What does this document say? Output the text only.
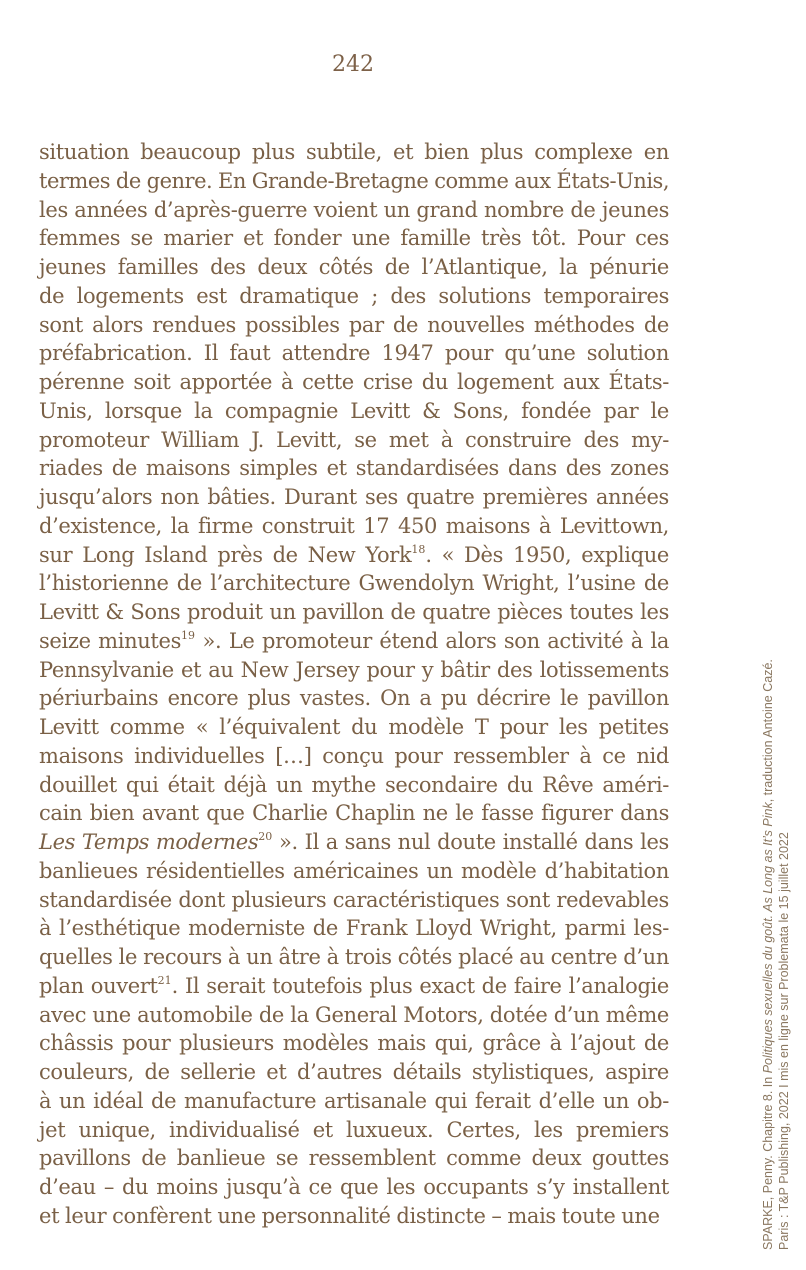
242
situation beaucoup plus subtile, et bien plus complexe en
termes de genre. En Grande-Bretagne comme aux États-Unis,
les années d’après-guerre voient un grand nombre de jeunes
femmes se marier et fonder une famille très tôt. Pour ces
jeunes familles des deux côtés de l’Atlantique, la pénurie
de logements est dramatique ; des solutions temporaires
sont alors rendues possibles par de nouvelles méthodes de
préfabrication. Il faut attendre 1947 pour qu’une solution
pérenne soit apportée à cette crise du logement aux États-
Unis, lorsque la compagnie Levitt & Sons, fondée par le
promoteur William J. Levitt, se met à construire des my-
riades de maisons simples et standardisées dans des zones
jusqu’alors non bâties. Durant ses quatre premières années
d’existence, la firme construit 17 450 maisons à Levittown,
sur Long Island près de New York$^{18}$. « Dès 1950, explique
l’historienne de l’architecture Gwendolyn Wright, l’usine de
Levitt & Sons produit un pavillon de quatre pièces toutes les
seize minutes$^{19}$ ». Le promoteur étend alors son activité à la
Pennsylvanie et au New Jersey pour y bâtir des lotissements
périurbains encore plus vastes. On a pu décrire le pavillon
Levitt comme « l’équivalent du modèle T pour les petites
maisons individuelles […] conçu pour ressembler à ce nid
douillet qui était déjà un mythe secondaire du Rêve améri-
cain bien avant que Charlie Chaplin ne le fasse figurer dans
Les Temps modernes$^{20}$ ». Il a sans nul doute installé dans les
banlieues résidentielles américaines un modèle d’habitation
standardisée dont plusieurs caractéristiques sont redevables
à l’esthétique moderniste de Frank Lloyd Wright, parmi les-
quelles le recours à un âtre à trois côtés placé au centre d’un
plan ouvert$^{21}$. Il serait toutefois plus exact de faire l’analogie
avec une automobile de la General Motors, dotée d’un même
châssis pour plusieurs modèles mais qui, grâce à l’ajout de
couleurs, de sellerie et d’autres détails stylistiques, aspire
à un idéal de manufacture artisanale qui ferait d’elle un ob-
jet unique, individualisé et luxueux. Certes, les premiers
pavillons de banlieue se ressemblent comme deux gouttes
d’eau – du moins jusqu’à ce que les occupants s’y installent
et leur confèrent une personnalité distincte – mais toute une	SPARKE, Penny. Chapitre 8. In Politiques sexuelles du goût. As Long as It’s Pink, traduction Antoine Cazé.
Paris : T&P Publishing, 2022 I mis en ligne sur Problemata le 15 juillet 2022
